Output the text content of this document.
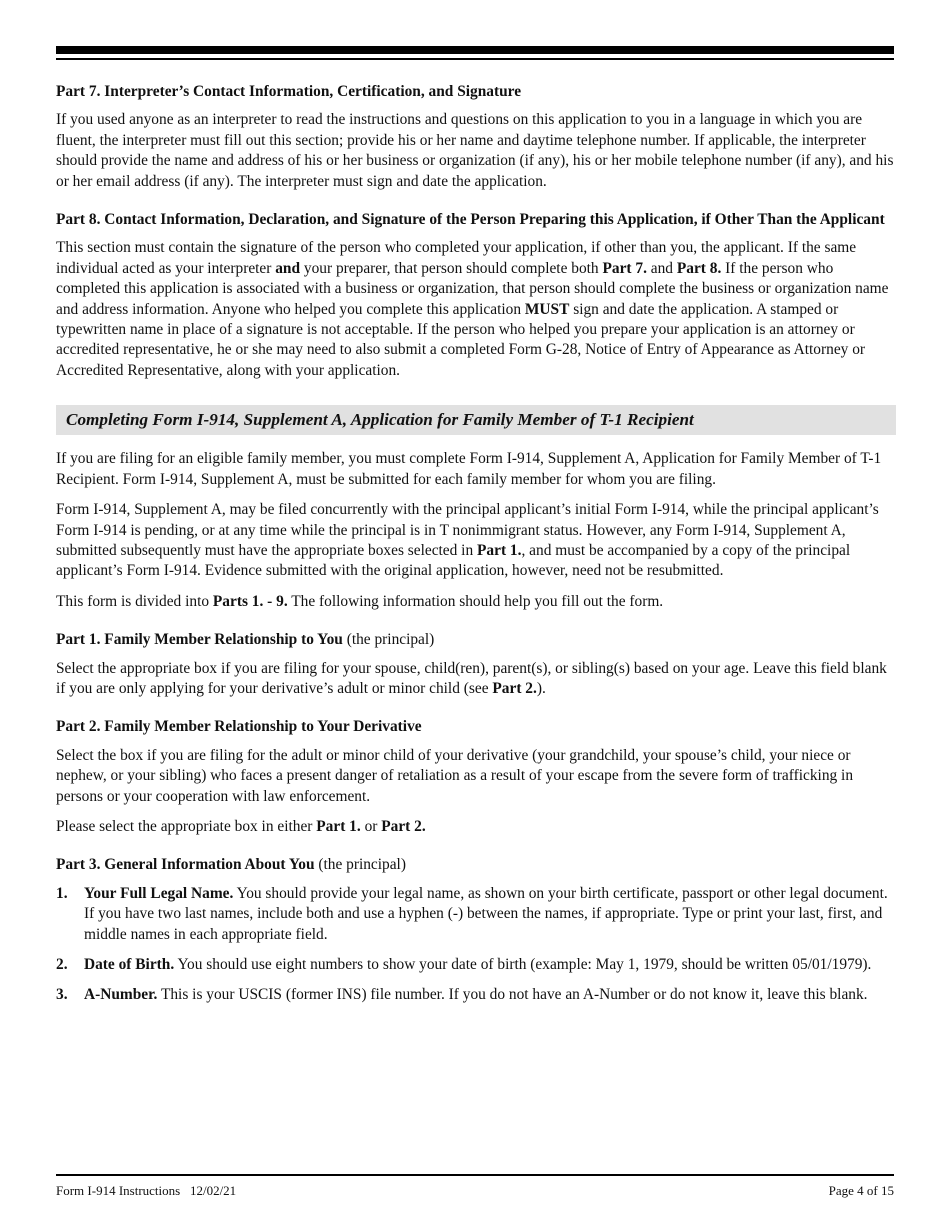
Part 7. Interpreter’s Contact Information, Certification, and Signature

If you used anyone as an interpreter to read the instructions and questions on this application to you in a language in which you are fluent, the interpreter must fill out this section; provide his or her name and daytime telephone number. If applicable, the interpreter should provide the name and address of his or her business or organization (if any), his or her mobile telephone number (if any), and his or her email address (if any). The interpreter must sign and date the application.

Part 8. Contact Information, Declaration, and Signature of the Person Preparing this Application, if Other Than the Applicant

This section must contain the signature of the person who completed your application, if other than you, the applicant. If the same individual acted as your interpreter and your preparer, that person should complete both Part 7. and Part 8. If the person who completed this application is associated with a business or organization, that person should complete the business or organization name and address information. Anyone who helped you complete this application MUST sign and date the application. A stamped or typewritten name in place of a signature is not acceptable. If the person who helped you prepare your application is an attorney or accredited representative, he or she may need to also submit a completed Form G-28, Notice of Entry of Appearance as Attorney or Accredited Representative, along with your application.

Completing Form I-914, Supplement A, Application for Family Member of T-1 Recipient

If you are filing for an eligible family member, you must complete Form I-914, Supplement A, Application for Family Member of T-1 Recipient. Form I-914, Supplement A, must be submitted for each family member for whom you are filing.

Form I-914, Supplement A, may be filed concurrently with the principal applicant’s initial Form I-914, while the principal applicant’s Form I-914 is pending, or at any time while the principal is in T nonimmigrant status. However, any Form I-914, Supplement A, submitted subsequently must have the appropriate boxes selected in Part 1., and must be accompanied by a copy of the principal applicant’s Form I-914. Evidence submitted with the original application, however, need not be resubmitted.

This form is divided into Parts 1. - 9. The following information should help you fill out the form.

Part 1. Family Member Relationship to You (the principal)

Select the appropriate box if you are filing for your spouse, child(ren), parent(s), or sibling(s) based on your age. Leave this field blank if you are only applying for your derivative’s adult or minor child (see Part 2.).

Part 2. Family Member Relationship to Your Derivative

Select the box if you are filing for the adult or minor child of your derivative (your grandchild, your spouse’s child, your niece or nephew, or your sibling) who faces a present danger of retaliation as a result of your escape from the severe form of trafficking in persons or your cooperation with law enforcement.

Please select the appropriate box in either Part 1. or Part 2.

Part 3. General Information About You (the principal)
1. Your Full Legal Name. You should provide your legal name, as shown on your birth certificate, passport or other legal document. If you have two last names, include both and use a hyphen (-) between the names, if appropriate. Type or print your last, first, and middle names in each appropriate field.
2. Date of Birth. You should use eight numbers to show your date of birth (example: May 1, 1979, should be written 05/01/1979).
3. A-Number. This is your USCIS (former INS) file number. If you do not have an A-Number or do not know it, leave this blank.
Form I-914 Instructions   12/02/21	Page 4 of 15
